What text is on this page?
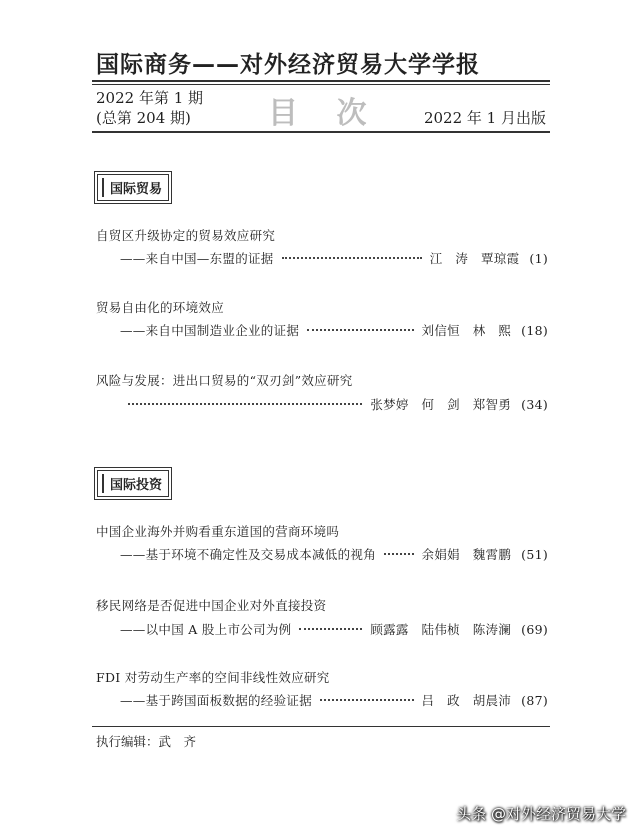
国际商务——对外经济贸易大学学报
2022 年第 1 期
(总第 204 期)	目 次	2022 年 1 月出版
国际贸易
自贸区升级协定的贸易效应研究
——来自中国—东盟的证据	江　涛　覃琼霞 (1)
贸易自由化的环境效应
——来自中国制造业企业的证据	刘信恒　林　熙 (18)
风险与发展：进出口贸易的“双刃剑”效应研究
张梦婷　何　剑　郑智勇 (34)
国际投资
中国企业海外并购看重东道国的营商环境吗
——基于环境不确定性及交易成本减低的视角	余娟娟　魏霄鹏 (51)
移民网络是否促进中国企业对外直接投资
——以中国 A 股上市公司为例	顾露露　陆伟桢　陈涛澜 (69)
FDI 对劳动生产率的空间非线性效应研究
——基于跨国面板数据的经验证据	吕　政　胡晨沛 (87)
执行编辑：武　齐
头条 @对外经济贸易大学
